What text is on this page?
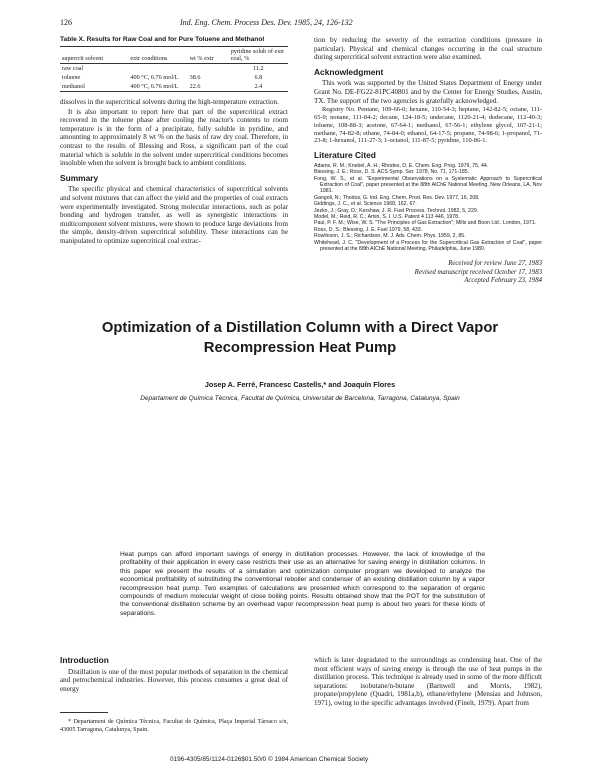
126	Ind. Eng. Chem. Process Des. Dev. 1985, 24, 126-132
Table X. Results for Raw Coal and for Pure Toluene and Methanol
supercrit solvent	extr conditions	wt % extr	pyridine solub of extr coal, %
raw coal			11.2
toluene	400 °C, 6.76 mol/L	38.6	6.8
methanol	400 °C, 6.76 mol/L	22.6	2.4

dissolves in the supercritical solvents during the high-temperature extraction.

It is also important to report here that part of the supercritical extract recovered in the toluene phase after cooling the reactor's contents to room temperature is in the form of a precipitate, fully soluble in pyridine, and amounting to approximately 8 wt % on the basis of raw dry coal. Therefore, in contrast to the results of Blessing and Ross, a significant part of the coal material which is soluble in the solvent under supercritical conditions becomes insoluble when the solvent is brought back to ambient conditions.

Summary

The specific physical and chemical characteristics of supercritical solvents and solvent mixtures that can affect the yield and the properties of coal extracts were experimentally investigated. Strong molecular interactions, such as polar bonding and hydrogen transfer, as well as synergistic interactions in multicomponent solvent mixtures, were shown to produce large deviations from the simple, density-driven supercritical solubility. These interactions can be manipulated to optimize supercritical coal extrac-

tion by reducing the severity of the extraction conditions (pressure in particular). Physical and chemical changes occurring in the coal structure during supercritical solvent extraction were also examined.

Acknowledgment

This work was supported by the United States Department of Energy under Grant No. DE-FG22-81PC40801 and by the Center for Energy Studies, Austin, TX. The support of the two agencies is gratefully acknowledged.

Registry No. Pentane, 109-66-0; hexane, 110-54-3; heptane, 142-82-5; octane, 111-65-9; nonane, 111-84-2; decane, 124-18-5; undecane, 1120-21-4; dodecane, 112-40-3; toluene, 108-88-3; acetone, 67-64-1; methanol, 67-56-1; ethylene glycol, 107-21-1; methane, 74-82-8; ethane, 74-84-0; ethanol, 64-17-5; propane, 74-98-6; 1-propanol, 71-23-8; 1-hexanol, 111-27-3; 1-octanol, 111-87-5; pyridine, 110-86-1.

Literature Cited
Adams, R. M.; Knebel, A. H.; Rhodes, D. E. Chem. Eng. Prog. 1979, 75, 44.
Blessing, J. E.; Ross, D. S. ACS Symp. Ser. 1978, No. 71, 171-185.
Fong, W. S., et al. "Experimental Observations on a Systematic Approach to Supercritical Extraction of Coal", paper presented at the 88th AIChE National Meeting, New Orleans, LA, Nov 1981.
Gangoli, N.; Thodos, G. Ind. Eng. Chem. Prod. Res. Dev. 1977, 16, 208.
Giddings, J. C., et al. Science 1968, 162, 67.
Jezko, J.; Gray, D.; Kershaw, J. R. Fuel Process. Technol. 1982, 5, 229.
Model, M.; Reid, R. C.; Amin, S. I. U.S. Patent 4 113 446, 1978.
Paul, P. F. M.; Wise, W. S. "The Principles of Gas Extraction"; Mills and Boon Ltd.: London, 1971.
Ross, D. S.; Blessing, J. E. Fuel 1979, 58, 433.
Rowlinson, J. S.; Richardson, M. J. Adv. Chem. Phys. 1959, 2, 85.
Whitehead, J. C. "Development of a Process for the Supercritical Gas Extraction of Coal", paper presented at the 88th AIChE National Meeting, Philadelphia, June 1980.
Received for review June 27, 1983
Revised manuscript received October 17, 1983
Accepted February 23, 1984
Optimization of a Distillation Column with a Direct Vapor
Recompression Heat Pump
Josep A. Ferré, Francesc Castells,* and Joaquín Flores
Departament de Química Tècnica, Facultat de Química, Universitat de Barcelona, Tarragona, Catalunya, Spain
Heat pumps can afford important savings of energy in distillation processes. However, the lack of knowledge of the profitability of their application in every case restricts their use as an alternative for saving energy in distillation columns. In this paper we present the results of a simulation and optimization computer program we developed to analyze the economical profitability of substituting the conventional reboiler and condenser of an existing distillation column by a vapor recompression heat pump. Two examples of calculations are presented which correspond to the separation of organic compounds of medium molecular weight of close boiling points. Results obtained show that the POT for the substitution of the conventional distillation scheme by an overhead vapor recompression heat pump is about two years for these kinds of separations.
Introduction

Distillation is one of the most popular methods of separation in the chemical and petrochemical industries. However, this process consumes a great deal of energy

* Departament de Química Tècnica, Facultat de Química, Plaça Imperial Tàrraco s/n, 43005 Tarragona, Catalunya, Spain.

which is later degradated to the surroundings as condensing heat. One of the most efficient ways of saving energy is through the use of heat pumps in the distillation process. This technique is already used in some of the more difficult separations: isobutane/n-butane (Barnwell and Morris, 1982), propane/propylene (Quadri, 1981a,b), ethane/ethylene (Mensias and Johnson, 1971), owing to the specific advantages involved (Finelt, 1979). Apart from

0196-4305/85/1124-0126$01.50/0 © 1984 American Chemical Society
